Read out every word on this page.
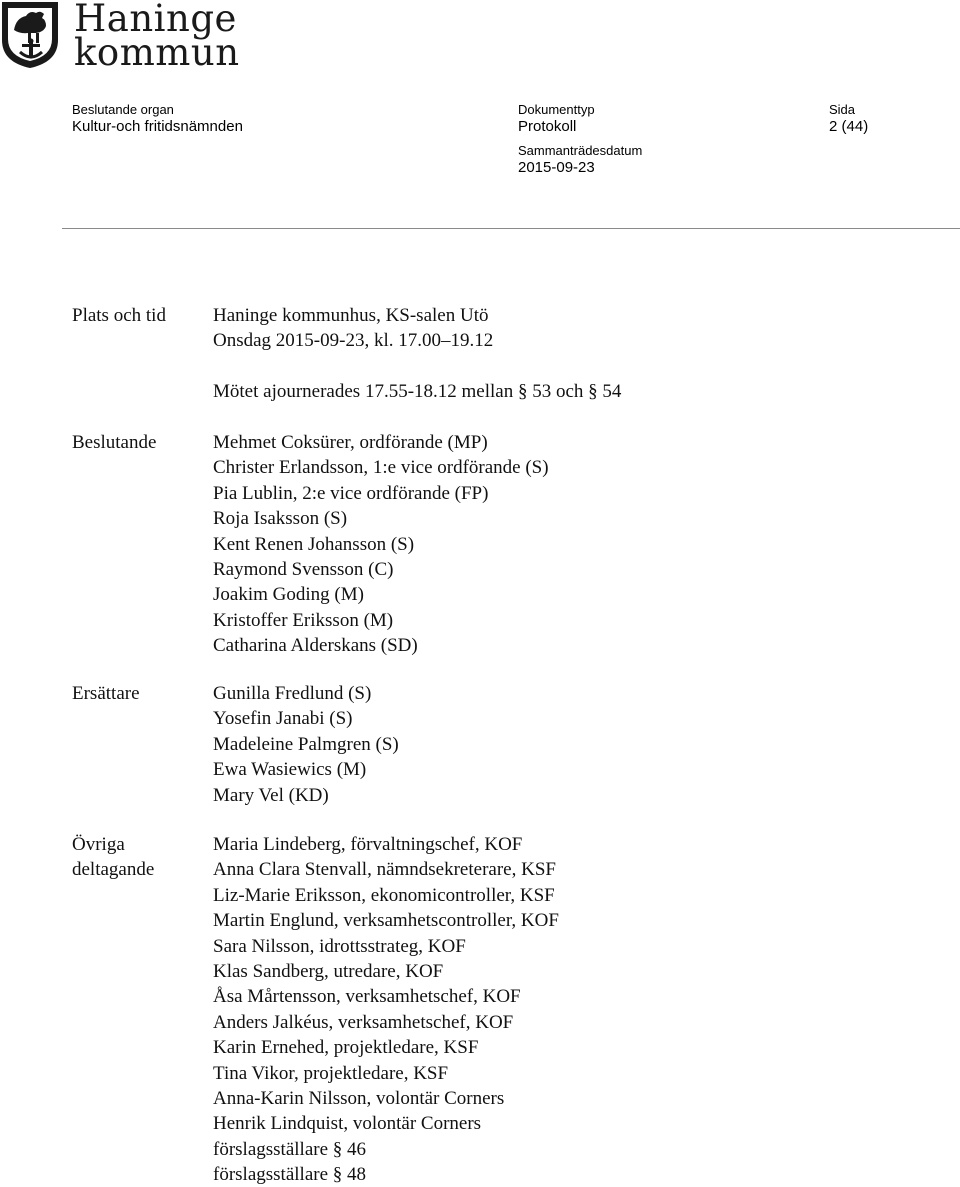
Haninge
kommun
Beslutande organ
Kultur-och fritidsnämnden
Dokumenttyp
Protokoll
Sida
2 (44)
Sammanträdesdatum
2015-09-23
Plats och tid Haninge kommunhus, KS-salen Utö
Onsdag 2015-09-23, kl. 17.00–19.12
Mötet ajournerades 17.55-18.12 mellan § 53 och § 54
Beslutande	Mehmet Coksürer, ordförande (MP)
Christer Erlandsson, 1:e vice ordförande (S)
Pia Lublin, 2:e vice ordförande (FP)
Roja Isaksson (S)
Kent Renen Johansson (S)
Raymond Svensson (C)
Joakim Goding (M)
Kristoffer Eriksson (M)
Catharina Alderskans (SD)
Ersättare	Gunilla Fredlund (S)
Yosefin Janabi (S)
Madeleine Palmgren (S)
Ewa Wasiewics (M)
Mary Vel (KD)
Övriga
deltagande
Maria Lindeberg, förvaltningschef, KOF
Anna Clara Stenvall, nämndsekreterare, KSF
Liz-Marie Eriksson, ekonomicontroller, KSF
Martin Englund, verksamhetscontroller, KOF
Sara Nilsson, idrottsstrateg, KOF
Klas Sandberg, utredare, KOF
Åsa Mårtensson, verksamhetschef, KOF
Anders Jalkéus, verksamhetschef, KOF
Karin Ernehed, projektledare, KSF
Tina Vikor, projektledare, KSF
Anna-Karin Nilsson, volontär Corners
Henrik Lindquist, volontär Corners
förslagsställare § 46
förslagsställare § 48
